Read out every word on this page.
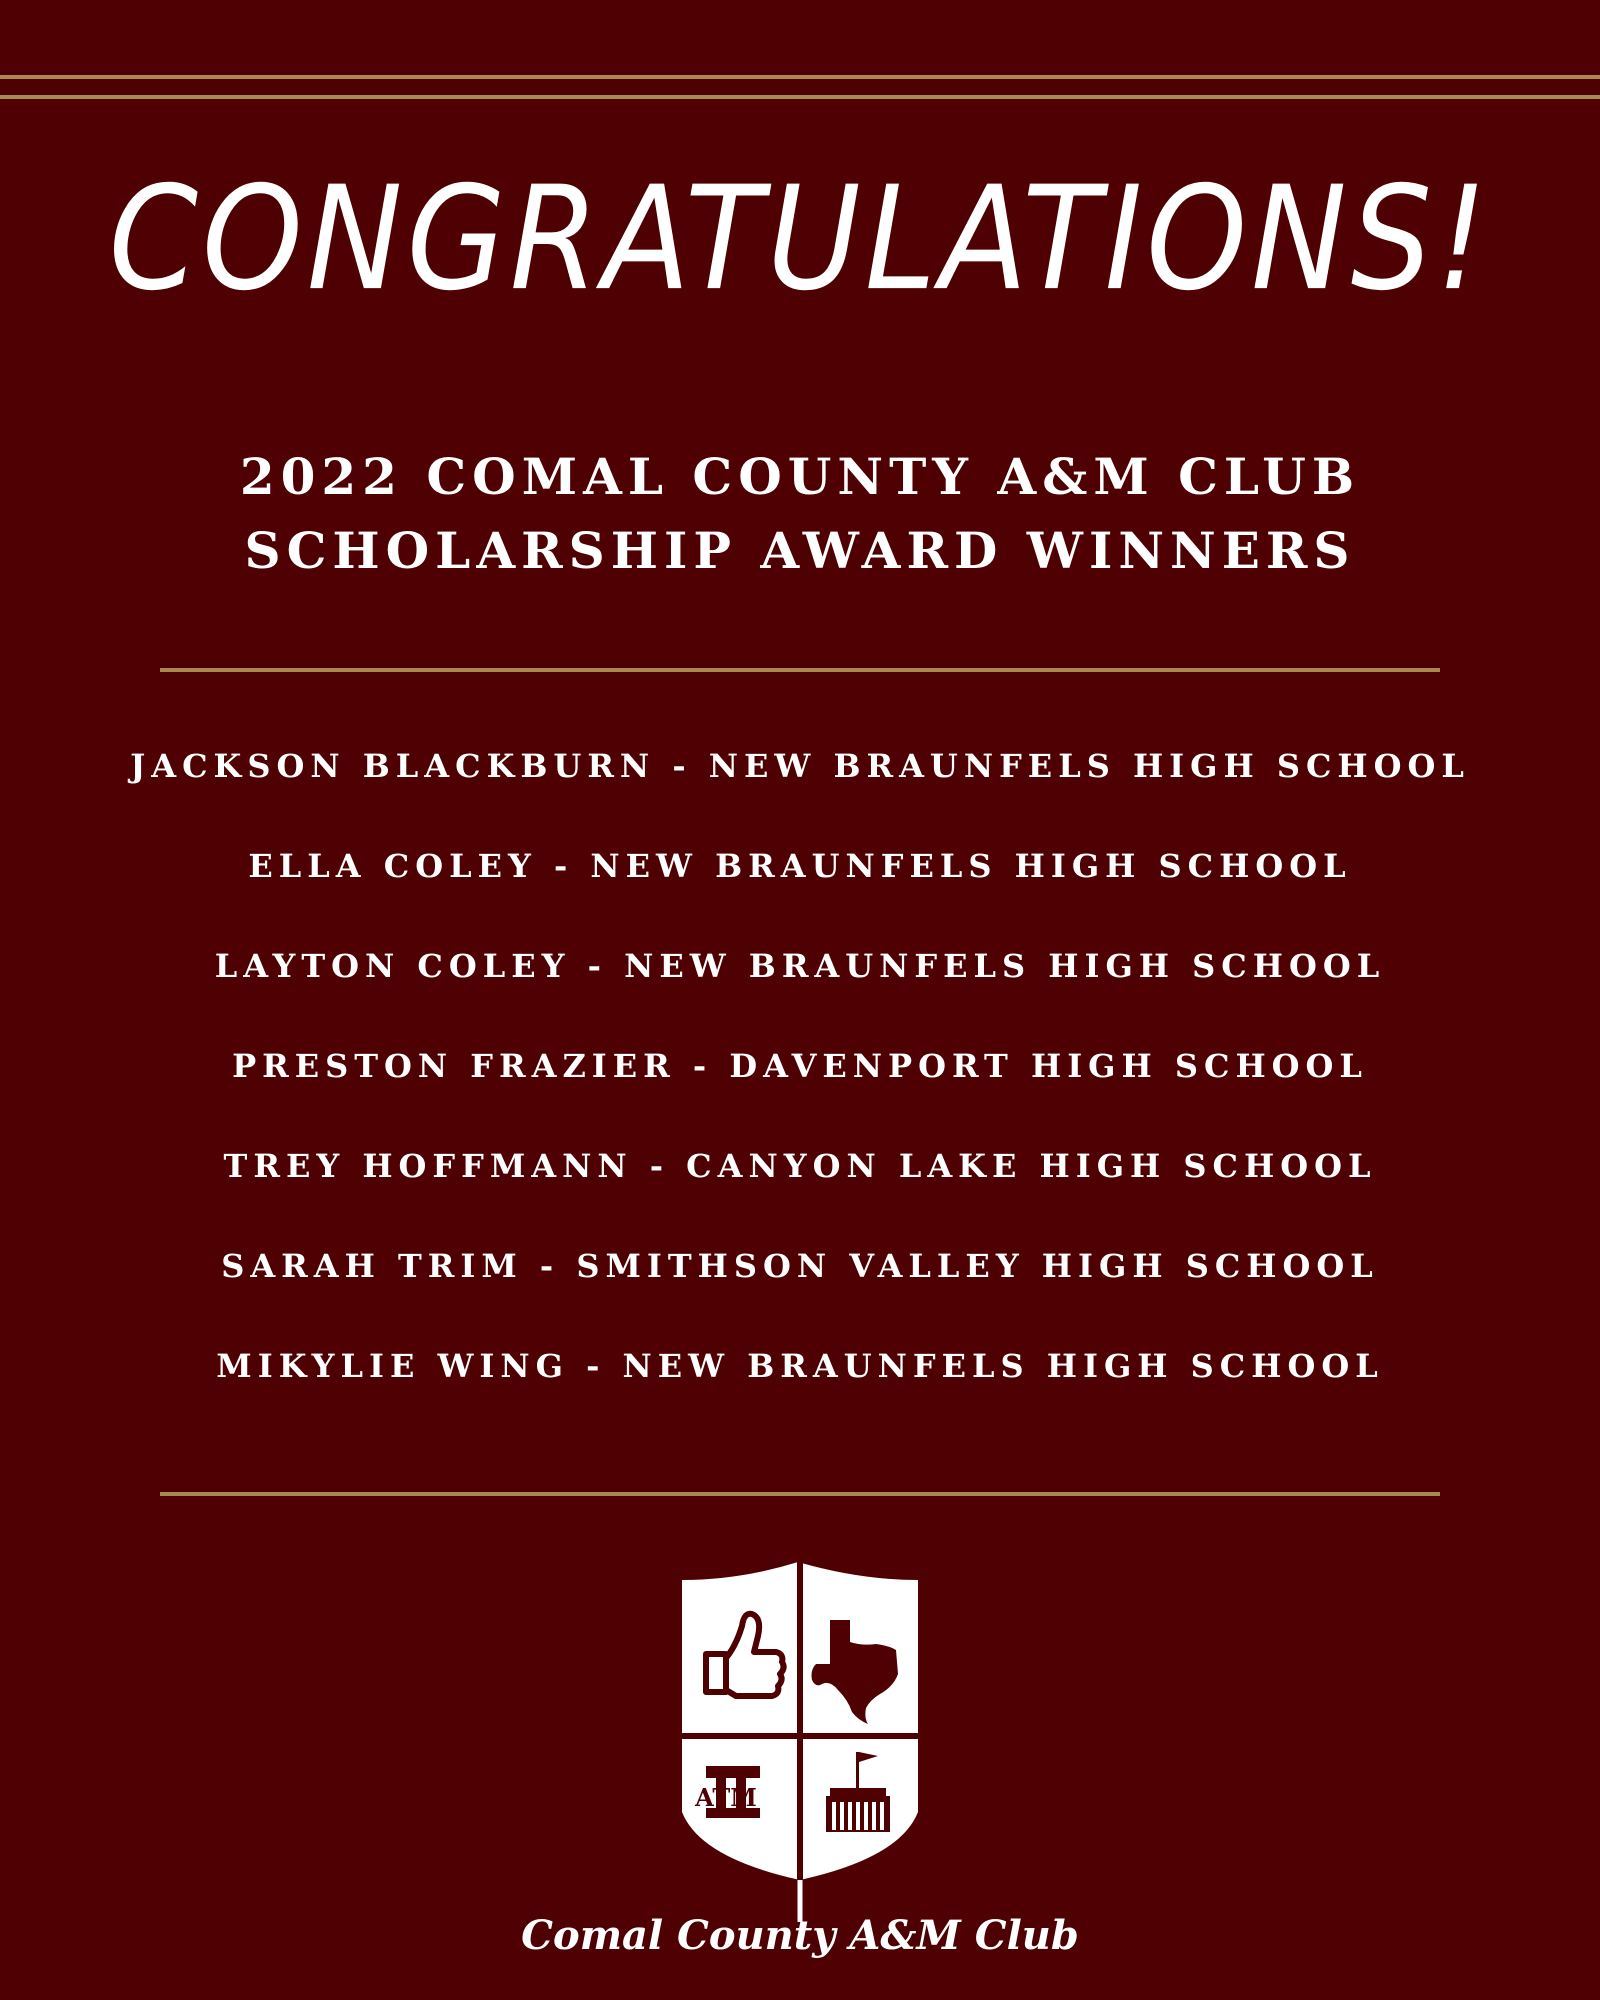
CONGRATULATIONS!
2022 COMAL COUNTY A&M CLUB
SCHOLARSHIP AWARD WINNERS
JACKSON BLACKBURN - NEW BRAUNFELS HIGH SCHOOL
ELLA COLEY - NEW BRAUNFELS HIGH SCHOOL
LAYTON COLEY - NEW BRAUNFELS HIGH SCHOOL
PRESTON FRAZIER - DAVENPORT HIGH SCHOOL
TREY HOFFMANN - CANYON LAKE HIGH SCHOOL
SARAH TRIM - SMITHSON VALLEY HIGH SCHOOL
MIKYLIE WING - NEW BRAUNFELS HIGH SCHOOL
ATM
Comal County A&M Club
